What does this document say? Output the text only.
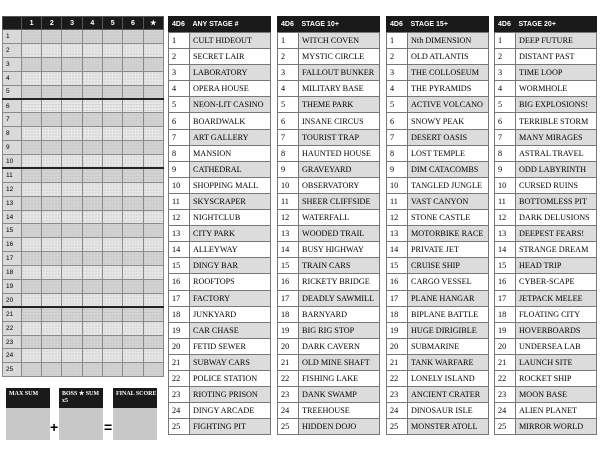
	1	2	3	4	5	6	★
1							
2							
3							
4							
5							
6							
7							
8							
9							
10							
11							
12							
13							
14							
15							
16							
17							
18							
19							
20							
21							
22							
23							
24							
25							
MAX SUM
+
BOSS ★ SUM x5
=
FINAL SCORE
4D6	ANY STAGE #
1	CULT HIDEOUT
2	SECRET LAIR
3	LABORATORY
4	OPERA HOUSE
5	NEON-LIT CASINO
6	BOARDWALK
7	ART GALLERY
8	MANSION
9	CATHEDRAL
10	SHOPPING MALL
11	SKYSCRAPER
12	NIGHTCLUB
13	CITY PARK
14	ALLEYWAY
15	DINGY BAR
16	ROOFTOPS
17	FACTORY
18	JUNKYARD
19	CAR CHASE
20	FETID SEWER
21	SUBWAY CARS
22	POLICE STATION
23	RIOTING PRISON
24	DINGY ARCADE
25	FIGHTING PIT
4D6	STAGE 10+
1	WITCH COVEN
2	MYSTIC CIRCLE
3	FALLOUT BUNKER
4	MILITARY BASE
5	THEME PARK
6	INSANE CIRCUS
7	TOURIST TRAP
8	HAUNTED HOUSE
9	GRAVEYARD
10	OBSERVATORY
11	SHEER CLIFFSIDE
12	WATERFALL
13	WOODED TRAIL
14	BUSY HIGHWAY
15	TRAIN CARS
16	RICKETY BRIDGE
17	DEADLY SAWMILL
18	BARNYARD
19	BIG RIG STOP
20	DARK CAVERN
21	OLD MINE SHAFT
22	FISHING LAKE
23	DANK SWAMP
24	TREEHOUSE
25	HIDDEN DOJO
4D6	STAGE 15+
1	Nth DIMENSION
2	OLD ATLANTIS
3	THE COLLOSEUM
4	THE PYRAMIDS
5	ACTIVE VOLCANO
6	SNOWY PEAK
7	DESERT OASIS
8	LOST TEMPLE
9	DIM CATACOMBS
10	TANGLED JUNGLE
11	VAST CANYON
12	STONE CASTLE
13	MOTORBIKE RACE
14	PRIVATE JET
15	CRUISE SHIP
16	CARGO VESSEL
17	PLANE HANGAR
18	BIPLANE BATTLE
19	HUGE DIRIGIBLE
20	SUBMARINE
21	TANK WARFARE
22	LONELY ISLAND
23	ANCIENT CRATER
24	DINOSAUR ISLE
25	MONSTER ATOLL
4D6	STAGE 20+
1	DEEP FUTURE
2	DISTANT PAST
3	TIME LOOP
4	WORMHOLE
5	BIG EXPLOSIONS!
6	TERRIBLE STORM
7	MANY MIRAGES
8	ASTRAL TRAVEL
9	ODD LABYRINTH
10	CURSED RUINS
11	BOTTOMLESS PIT
12	DARK DELUSIONS
13	DEEPEST FEARS!
14	STRANGE DREAM
15	HEAD TRIP
16	CYBER-SCAPE
17	JETPACK MELEE
18	FLOATING CITY
19	HOVERBOARDS
20	UNDERSEA LAB
21	LAUNCH SITE
22	ROCKET SHIP
23	MOON BASE
24	ALIEN PLANET
25	MIRROR WORLD
